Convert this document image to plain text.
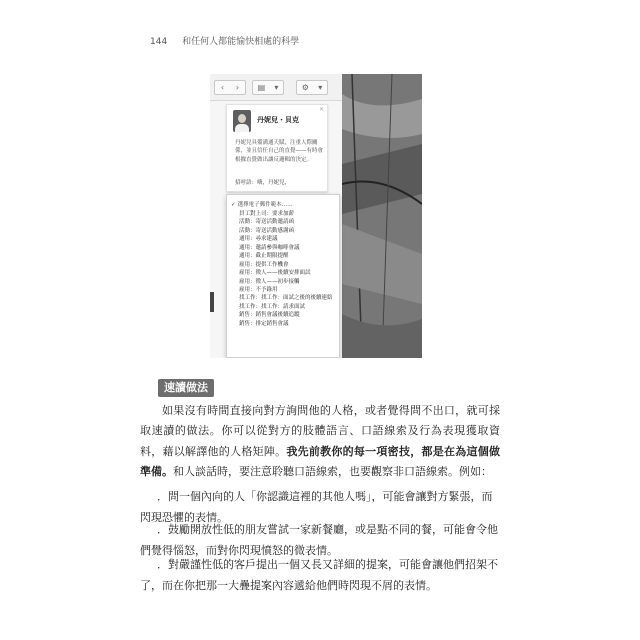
144 和任何人都能愉快相處的科學
‹ › ▤ ▾	⚙ ▾
丹妮兒・貝克
×

丹妮兒具備溝通天賦，注重人際關係，並且信任自己的直覺——有時會根據直覺做出讓反邏輯的決定。

招呼語：嗨，丹妮兒，
✓ 選擇電子郵件範本……
員工對上司：要求加薪
活動：寄送活動邀請函
活動：寄送活動感謝函
通用：尋求建議
通用：邀請參與咖啡會議
通用：截止期限提醒
雇用：提供工作機會
雇用：徵人——後續安排面試
雇用：徵人——初步接觸
雇用：不予錄用
找工作：找工作：面試之後的後續連絡
找工作：找工作：請求面試
銷售：銷售會議後續追蹤
銷售：排定銷售會議
速讀做法

如果沒有時間直接向對方詢問他的人格，或者覺得問不出口，就可採取速讀的做法。你可以從對方的肢體語言、口語線索及行為表現獲取資料，藉以解譯他的人格矩陣。我先前教你的每一項密技，都是在為這個做準備。和人談話時，要注意聆聽口語線索，也要觀察非口語線索。例如：

．問一個內向的人「你認識這裡的其他人嗎」，可能會讓對方緊張，而閃現恐懼的表情。

．鼓勵開放性低的朋友嘗試一家新餐廳，或是點不同的餐，可能會令他們覺得惱怒，而對你閃現憤怒的微表情。

．對嚴謹性低的客戶提出一個又長又詳細的提案，可能會讓他們招架不了，而在你把那一大疊提案內容遞給他們時閃現不屑的表情。
